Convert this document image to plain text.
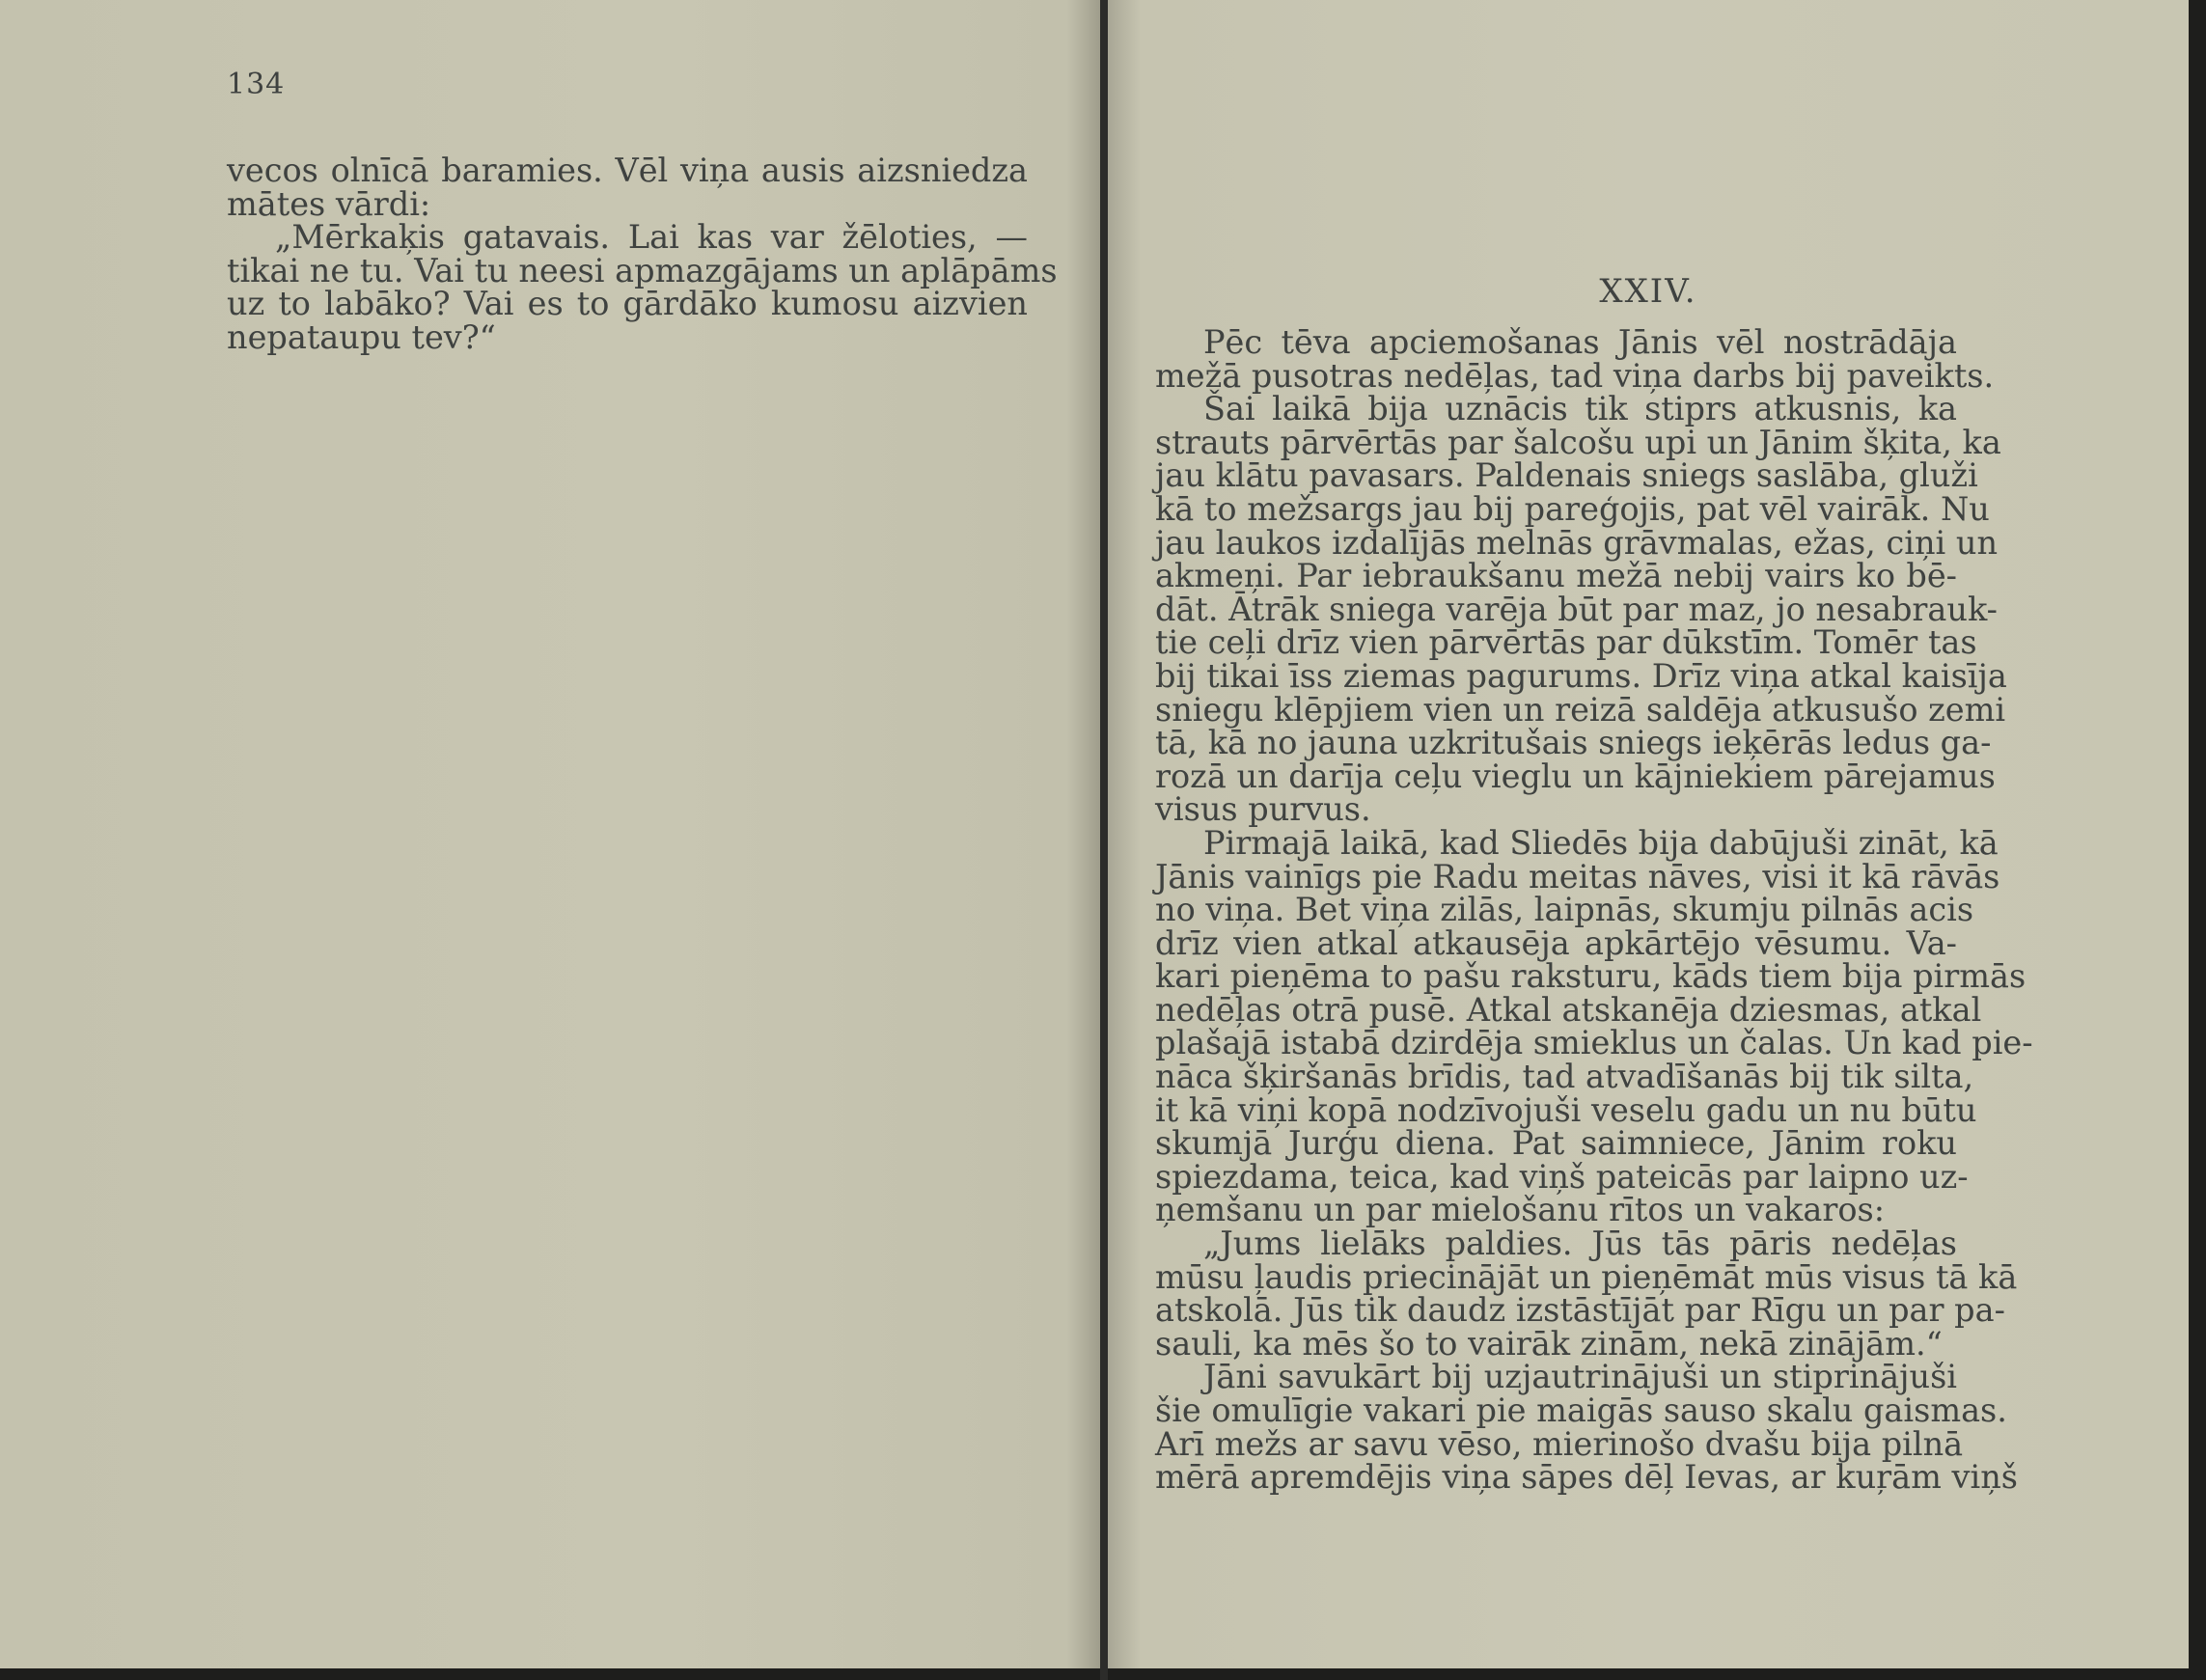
134
vecos olnīcā baramies. Vēl viņa ausis aizsniedza
mātes vārdi:
„Mērkaķis gatavais. Lai kas var žēloties, —
tikai ne tu. Vai tu neesi apmazgājams un aplāpāms
uz to labāko? Vai es to gārdāko kumosu aizvien
nepataupu tev?“
XXIV.
Pēc tēva apciemošanas Jānis vēl nostrādāja
mežā pusotras nedēļas, tad viņa darbs bij paveikts.
Šai laikā bija uznācis tik stiprs atkusnis, ka
strauts pārvērtās par šalcošu upi un Jānim šķita, ka
jau klātu pavasars. Paldenais sniegs saslāba, gluži
kā to mežsargs jau bij pareģojis, pat vēl vairāk. Nu
jau laukos izdalījās melnās grāvmalas, ežas, ciņi un
akmeņi. Par iebraukšanu mežā nebij vairs ko bē-
dāt. Ātrāk sniega varēja būt par maz, jo nesabrauk-
tie ceļi drīz vien pārvērtās par dūkstīm. Tomēr tas
bij tikai īss ziemas pagurums. Drīz viņa atkal kaisīja
sniegu klēpjiem vien un reizā saldēja atkusušo zemi
tā, kā no jauna uzkritušais sniegs ieķērās ledus ga-
rozā un darīja ceļu vieglu un kājniekiem pārejamus
visus purvus.
Pirmajā laikā, kad Sliedēs bija dabūjuši zināt, kā
Jānis vainīgs pie Radu meitas nāves, visi it kā rāvās
no viņa. Bet viņa zilās, laipnās, skumju pilnās acis
drīz vien atkal atkausēja apkārtējo vēsumu. Va-
kari pieņēma to pašu raksturu, kāds tiem bija pirmās
nedēļas otrā pusē. Atkal atskanēja dziesmas, atkal
plašajā istabā dzirdēja smieklus un čalas. Un kad pie-
nāca šķiršanās brīdis, tad atvadīšanās bij tik silta,
it kā viņi kopā nodzīvojuši veselu gadu un nu būtu
skumjā Jurģu diena. Pat saimniece, Jānim roku
spiezdama, teica, kad viņš pateicās par laipno uz-
ņemšanu un par mielošanu rītos un vakaros:
„Jums lielāks paldies. Jūs tās pāris nedēļas
mūsu ļaudis priecinājāt un pieņēmāt mūs visus tā kā
atskolā. Jūs tik daudz izstāstījāt par Rīgu un par pa-
sauli, ka mēs šo to vairāk zinām, nekā zinājām.“
Jāni savukārt bij uzjautrinājuši un stiprinājuši
šie omulīgie vakari pie maigās sauso skalu gaismas.
Arī mežs ar savu vēso, mierinošo dvašu bija pilnā
mērā apremdējis viņa sāpes dēļ Ievas, ar kuŗām viņš
